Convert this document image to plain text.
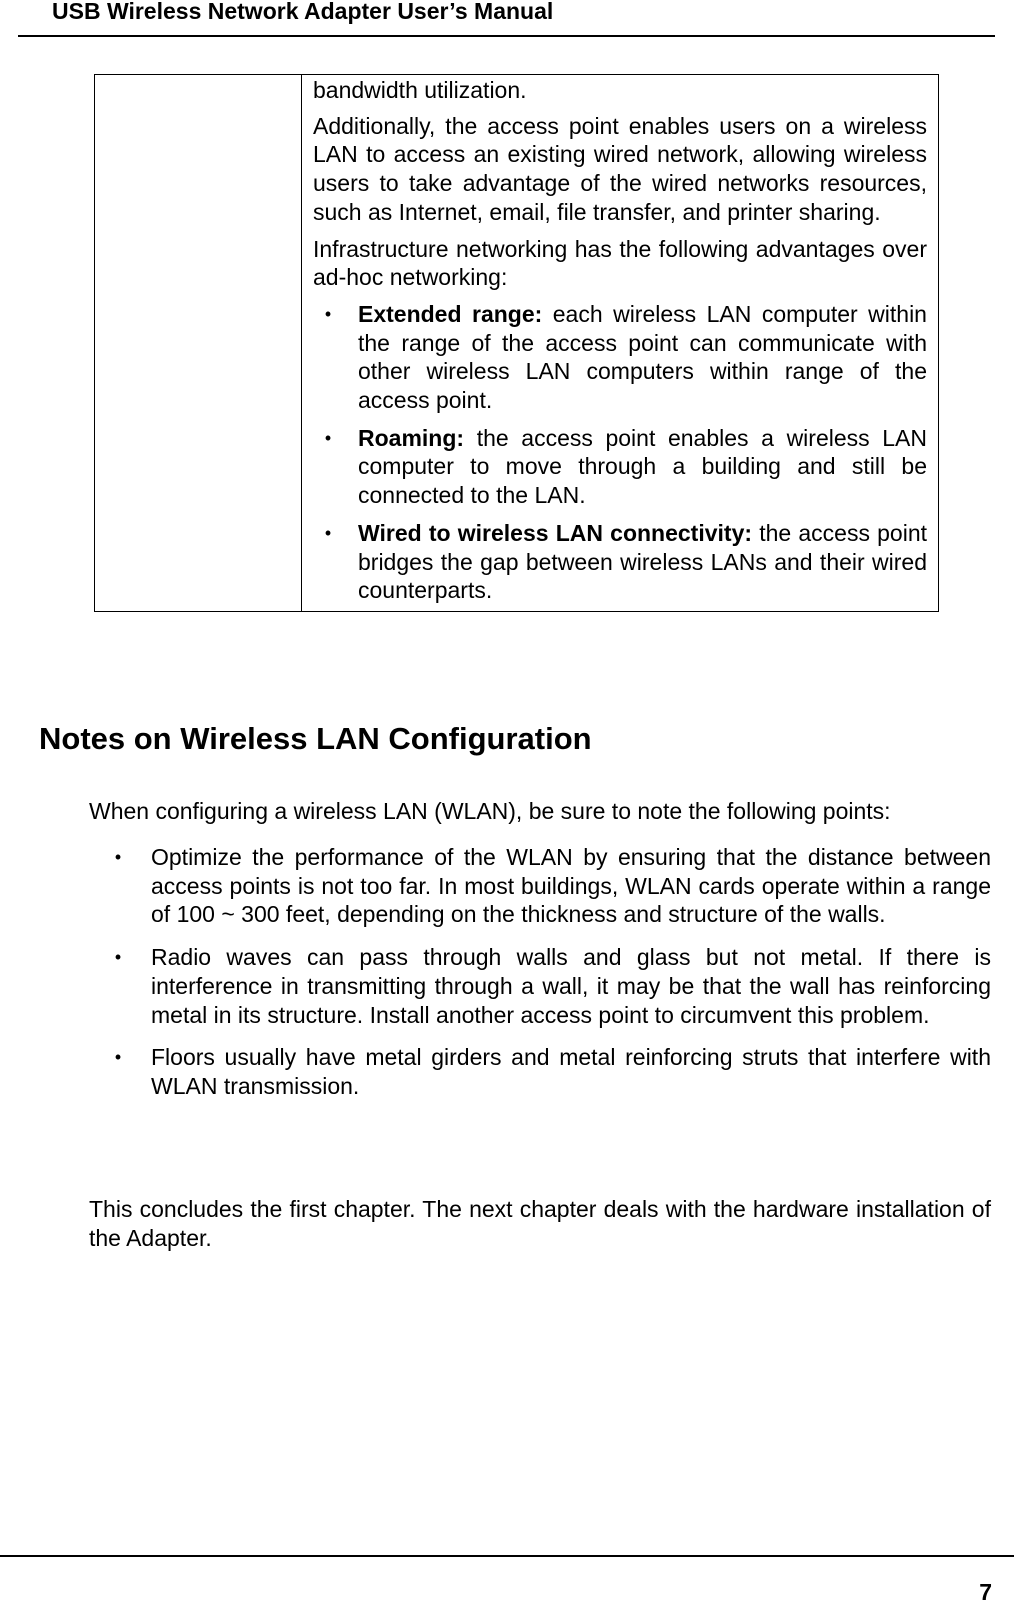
USB Wireless Network Adapter User’s Manual

bandwidth utilization.

Additionally, the access point enables users on a wireless LAN to access an existing wired network, allowing wireless users to take advantage of the wired networks resources, such as Internet, email, file transfer, and printer sharing.

Infrastructure networking has the following advantages over ad-hoc networking:

• Extended range: each wireless LAN computer within the range of the access point can communicate with other wireless LAN computers within range of the access point.
• Roaming: the access point enables a wireless LAN computer to move through a building and still be connected to the LAN.
• Wired to wireless LAN connectivity: the access point bridges the gap between wireless LANs and their wired counterparts.
Notes on Wireless LAN Configuration

When configuring a wireless LAN (WLAN), be sure to note the following points:

• Optimize the performance of the WLAN by ensuring that the distance between access points is not too far. In most buildings, WLAN cards operate within a range of 100 ~ 300 feet, depending on the thickness and structure of the walls.
• Radio waves can pass through walls and glass but not metal. If there is interference in transmitting through a wall, it may be that the wall has reinforcing metal in its structure. Install another access point to circumvent this problem.
• Floors usually have metal girders and metal reinforcing struts that interfere with WLAN transmission.

This concludes the first chapter. The next chapter deals with the hardware installation of the Adapter.

7
